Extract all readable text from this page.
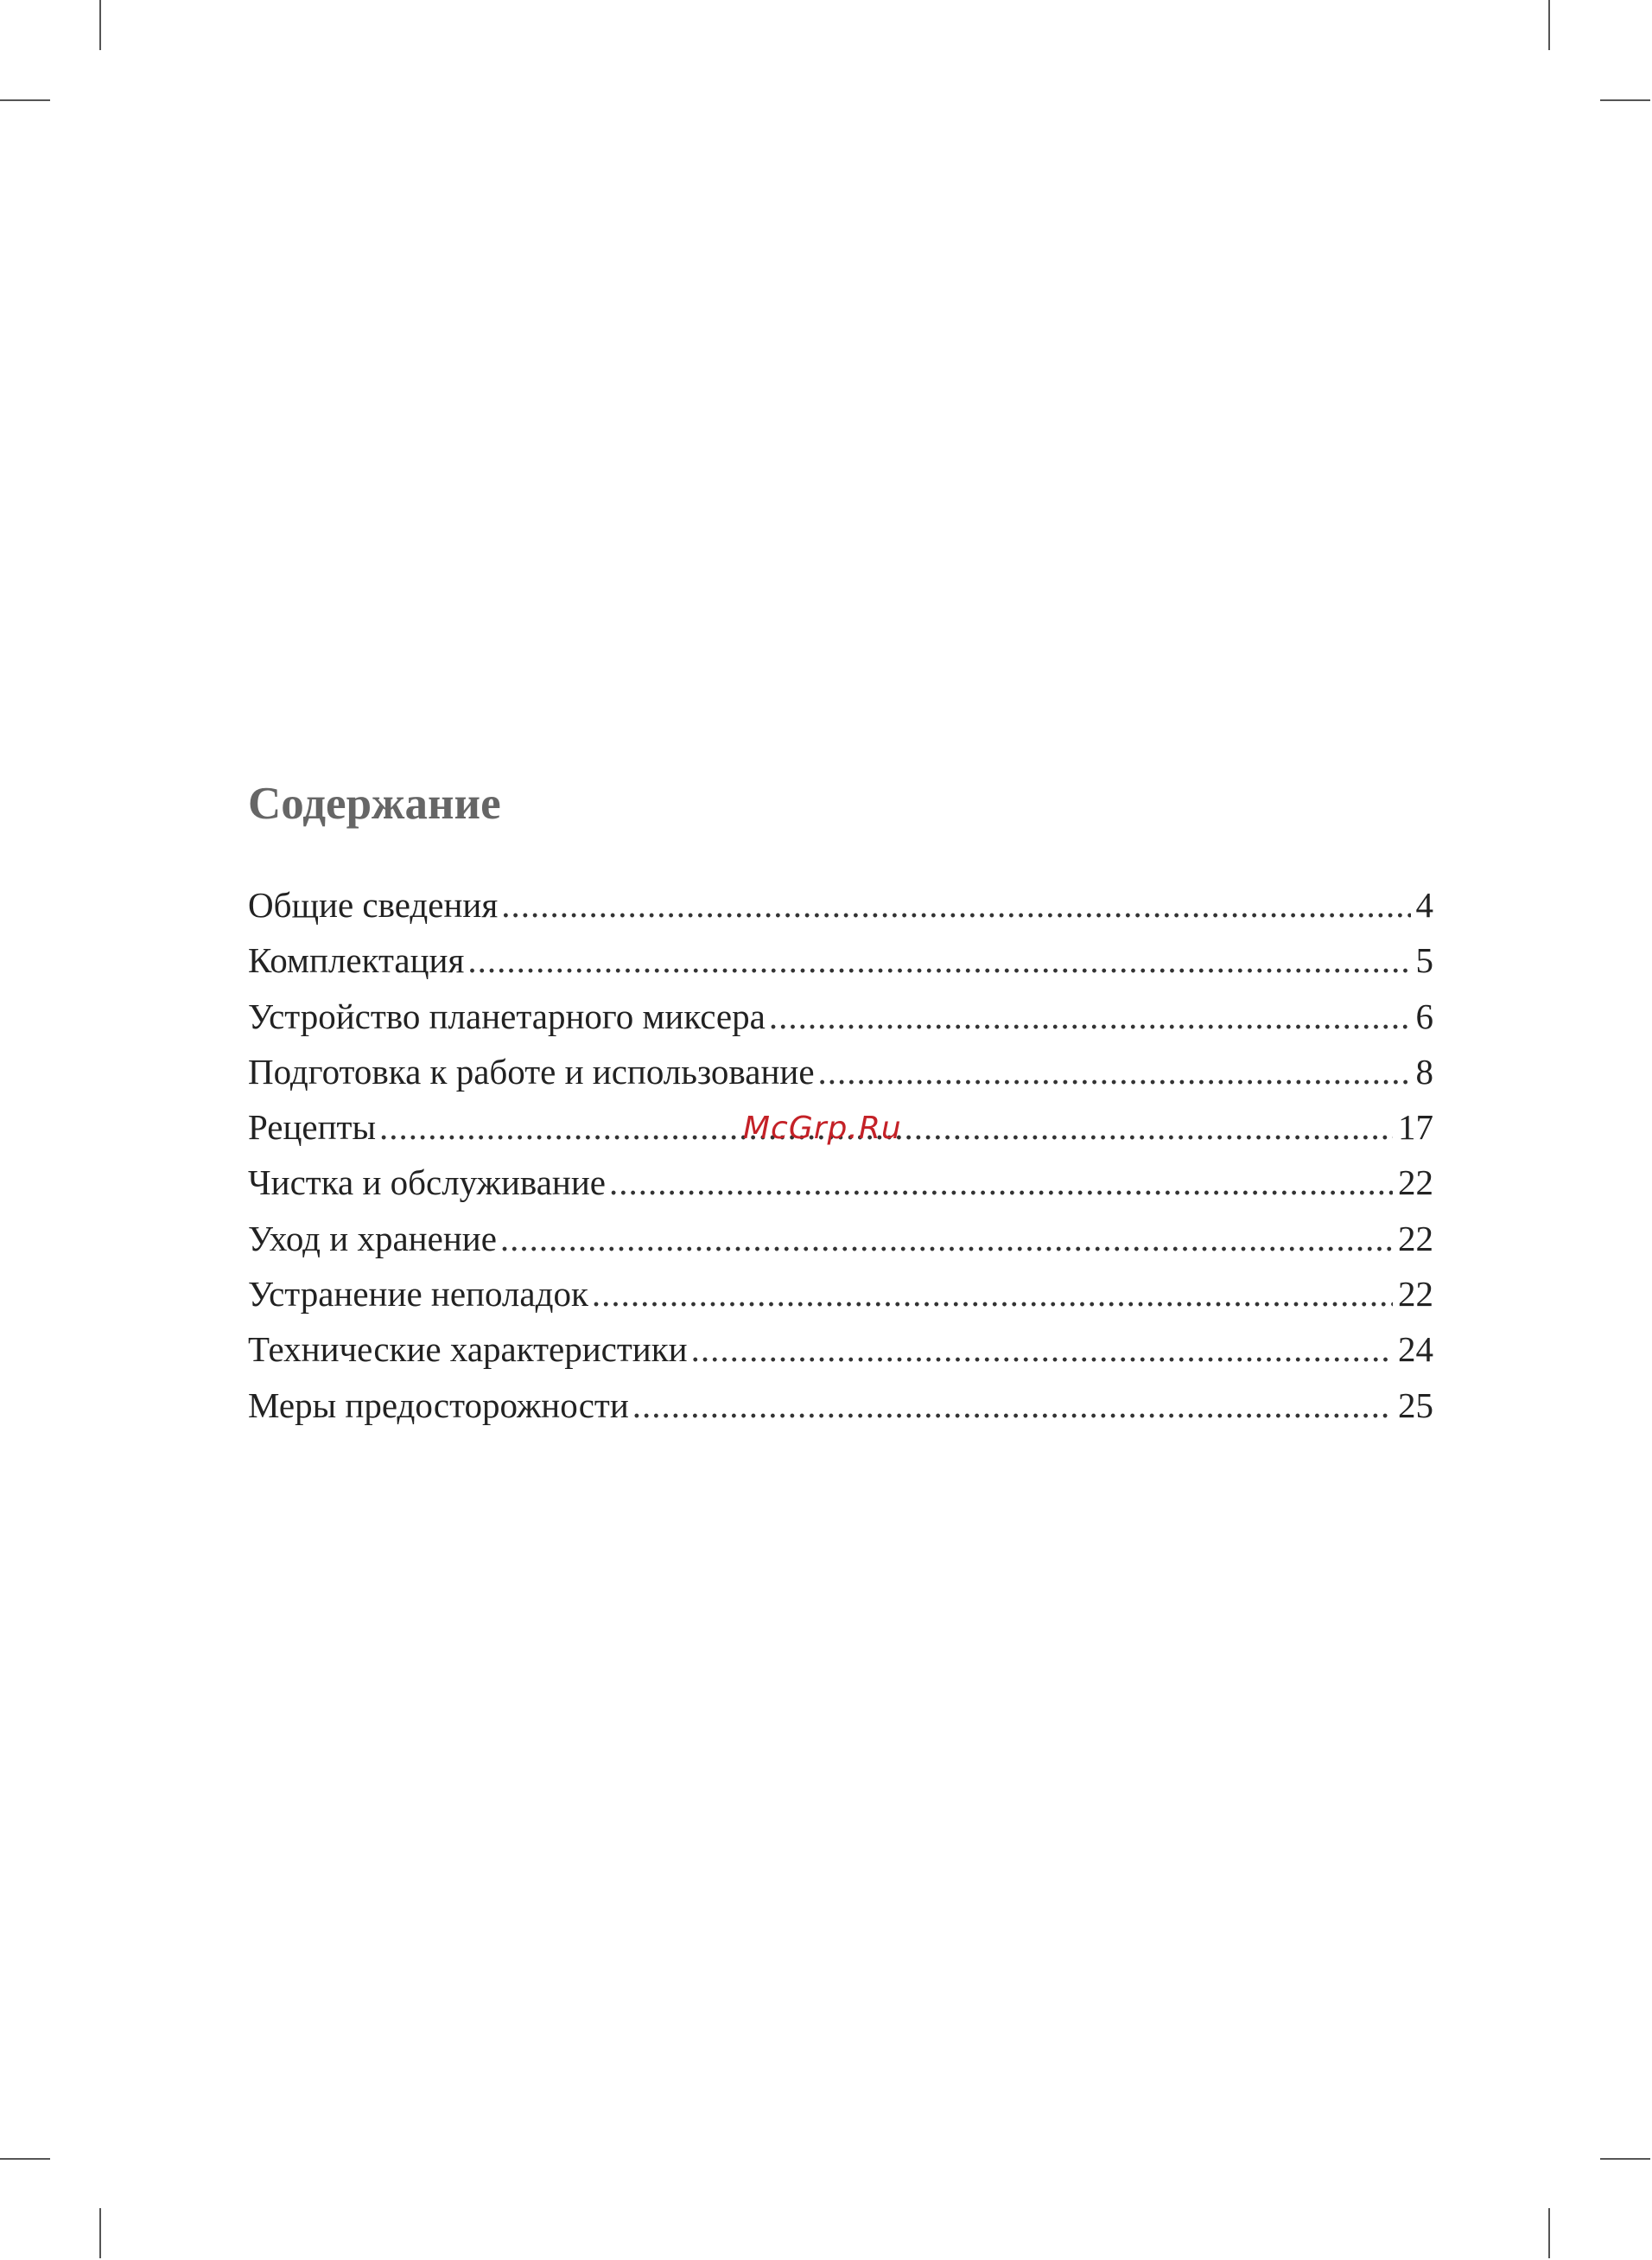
Содержание
Общие сведения .....	4
Комплектация .....	5
Устройство планетарного миксера .....	6
Подготовка к работе и использование .....	8
Рецепты .....	17
Чистка и обслуживание .....	22
Уход и хранение .....	22
Устранение неполадок .....	22
Технические характеристики .....	24
Меры предосторожности .....	25
McGrp.Ru
